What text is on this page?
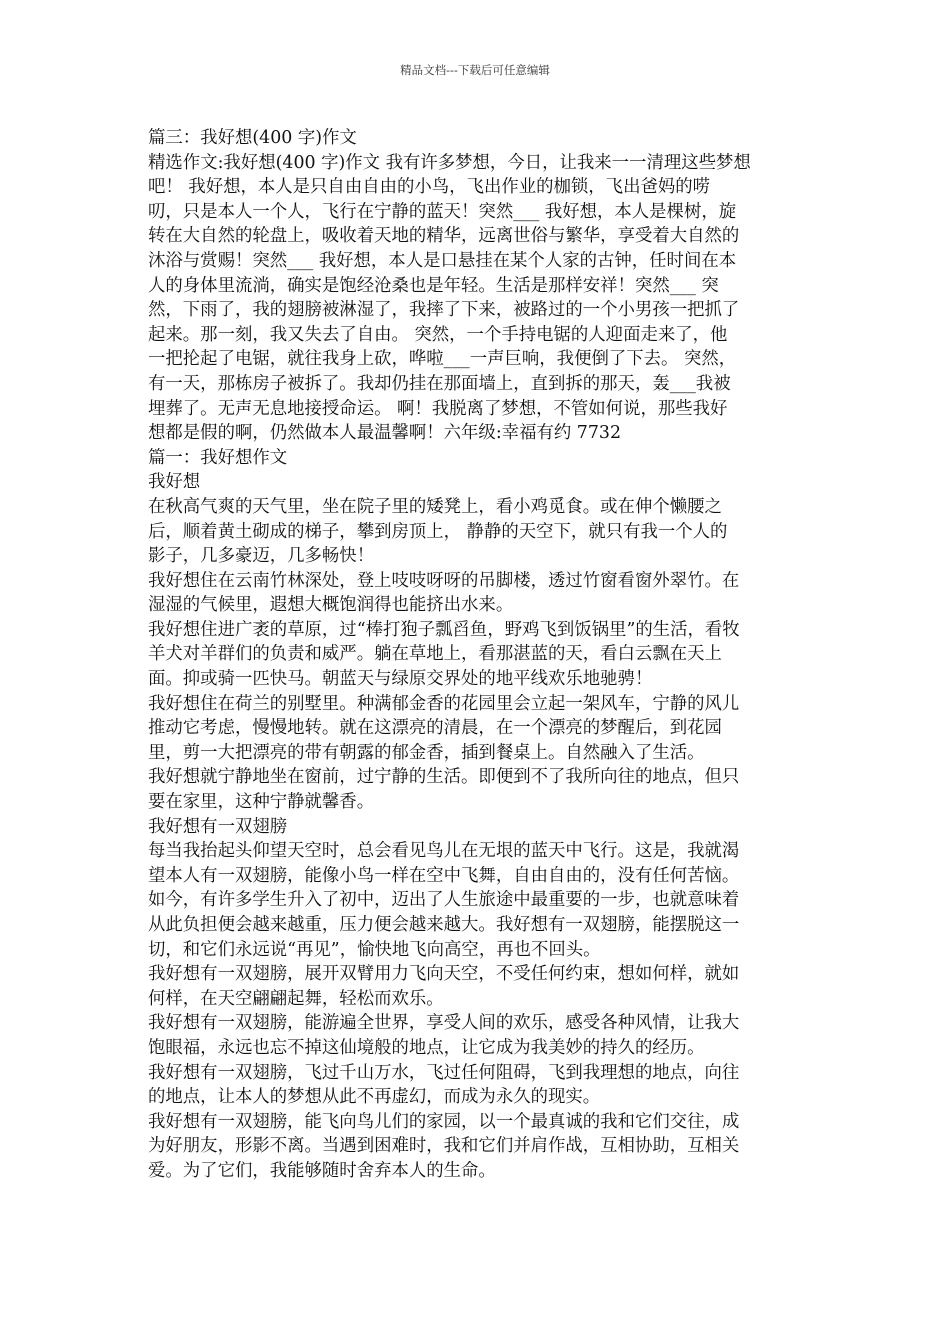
精品文档---下载后可任意编辑

篇三：我好想(400 字)作文

精选作文:我好想(400 字)作文 我有许多梦想，今日，让我来一一清理这些梦想

吧！ 我好想，本人是只自由自由的小鸟，飞出作业的枷锁，飞出爸妈的唠

叨，只是本人一个人，飞行在宁静的蓝天！突然___ 我好想，本人是棵树，旋

转在大自然的轮盘上，吸收着天地的精华，远离世俗与繁华，享受着大自然的

沐浴与赏赐！突然___ 我好想，本人是口悬挂在某个人家的古钟，任时间在本

人的身体里流淌，确实是饱经沧桑也是年轻。生活是那样安祥！突然___ 突

然，下雨了，我的翅膀被淋湿了，我摔了下来，被路过的一个小男孩一把抓了

起来。那一刻，我又失去了自由。 突然，一个手持电锯的人迎面走来了，他

一把抡起了电锯，就往我身上砍，哗啦___一声巨响，我便倒了下去。 突然，

有一天，那栋房子被拆了。我却仍挂在那面墙上，直到拆的那天，轰___我被

埋葬了。无声无息地接授命运。 啊！我脱离了梦想，不管如何说，那些我好

想都是假的啊，仍然做本人最温馨啊！六年级:幸福有约 7732

篇一：我好想作文

我好想

在秋高气爽的天气里，坐在院子里的矮凳上，看小鸡觅食。或在伸个懒腰之

后，顺着黄土砌成的梯子，攀到房顶上， 静静的天空下，就只有我一个人的

影子，几多豪迈，几多畅快！

我好想住在云南竹林深处，登上吱吱呀呀的吊脚楼，透过竹窗看窗外翠竹。在

湿湿的气候里，遐想大概饱润得也能挤出水来。

我好想住进广袤的草原，过“棒打狍子瓢舀鱼，野鸡飞到饭锅里”的生活，看牧

羊犬对羊群们的负责和威严。躺在草地上，看那湛蓝的天，看白云飘在天上

面。抑或骑一匹快马。朝蓝天与绿原交界处的地平线欢乐地驰骋！

我好想住在荷兰的别墅里。种满郁金香的花园里会立起一架风车，宁静的风儿

推动它考虑，慢慢地转。就在这漂亮的清晨，在一个漂亮的梦醒后，到花园

里，剪一大把漂亮的带有朝露的郁金香，插到餐桌上。自然融入了生活。

我好想就宁静地坐在窗前，过宁静的生活。即便到不了我所向往的地点，但只

要在家里，这种宁静就馨香。

我好想有一双翅膀

每当我抬起头仰望天空时，总会看见鸟儿在无垠的蓝天中飞行。这是，我就渴

望本人有一双翅膀，能像小鸟一样在空中飞舞，自由自由的，没有任何苦恼。

如今，有许多学生升入了初中，迈出了人生旅途中最重要的一步，也就意味着

从此负担便会越来越重，压力便会越来越大。我好想有一双翅膀，能摆脱这一

切，和它们永远说“再见”，愉快地飞向高空，再也不回头。

我好想有一双翅膀，展开双臂用力飞向天空，不受任何约束，想如何样，就如

何样，在天空翩翩起舞，轻松而欢乐。

我好想有一双翅膀，能游遍全世界，享受人间的欢乐，感受各种风情，让我大

饱眼福，永远也忘不掉这仙境般的地点，让它成为我美妙的持久的经历。

我好想有一双翅膀，飞过千山万水，飞过任何阻碍，飞到我理想的地点，向往

的地点，让本人的梦想从此不再虚幻，而成为永久的现实。

我好想有一双翅膀，能飞向鸟儿们的家园，以一个最真诚的我和它们交往，成

为好朋友，形影不离。当遇到困难时，我和它们并肩作战，互相协助，互相关

爱。为了它们，我能够随时舍弃本人的生命。
